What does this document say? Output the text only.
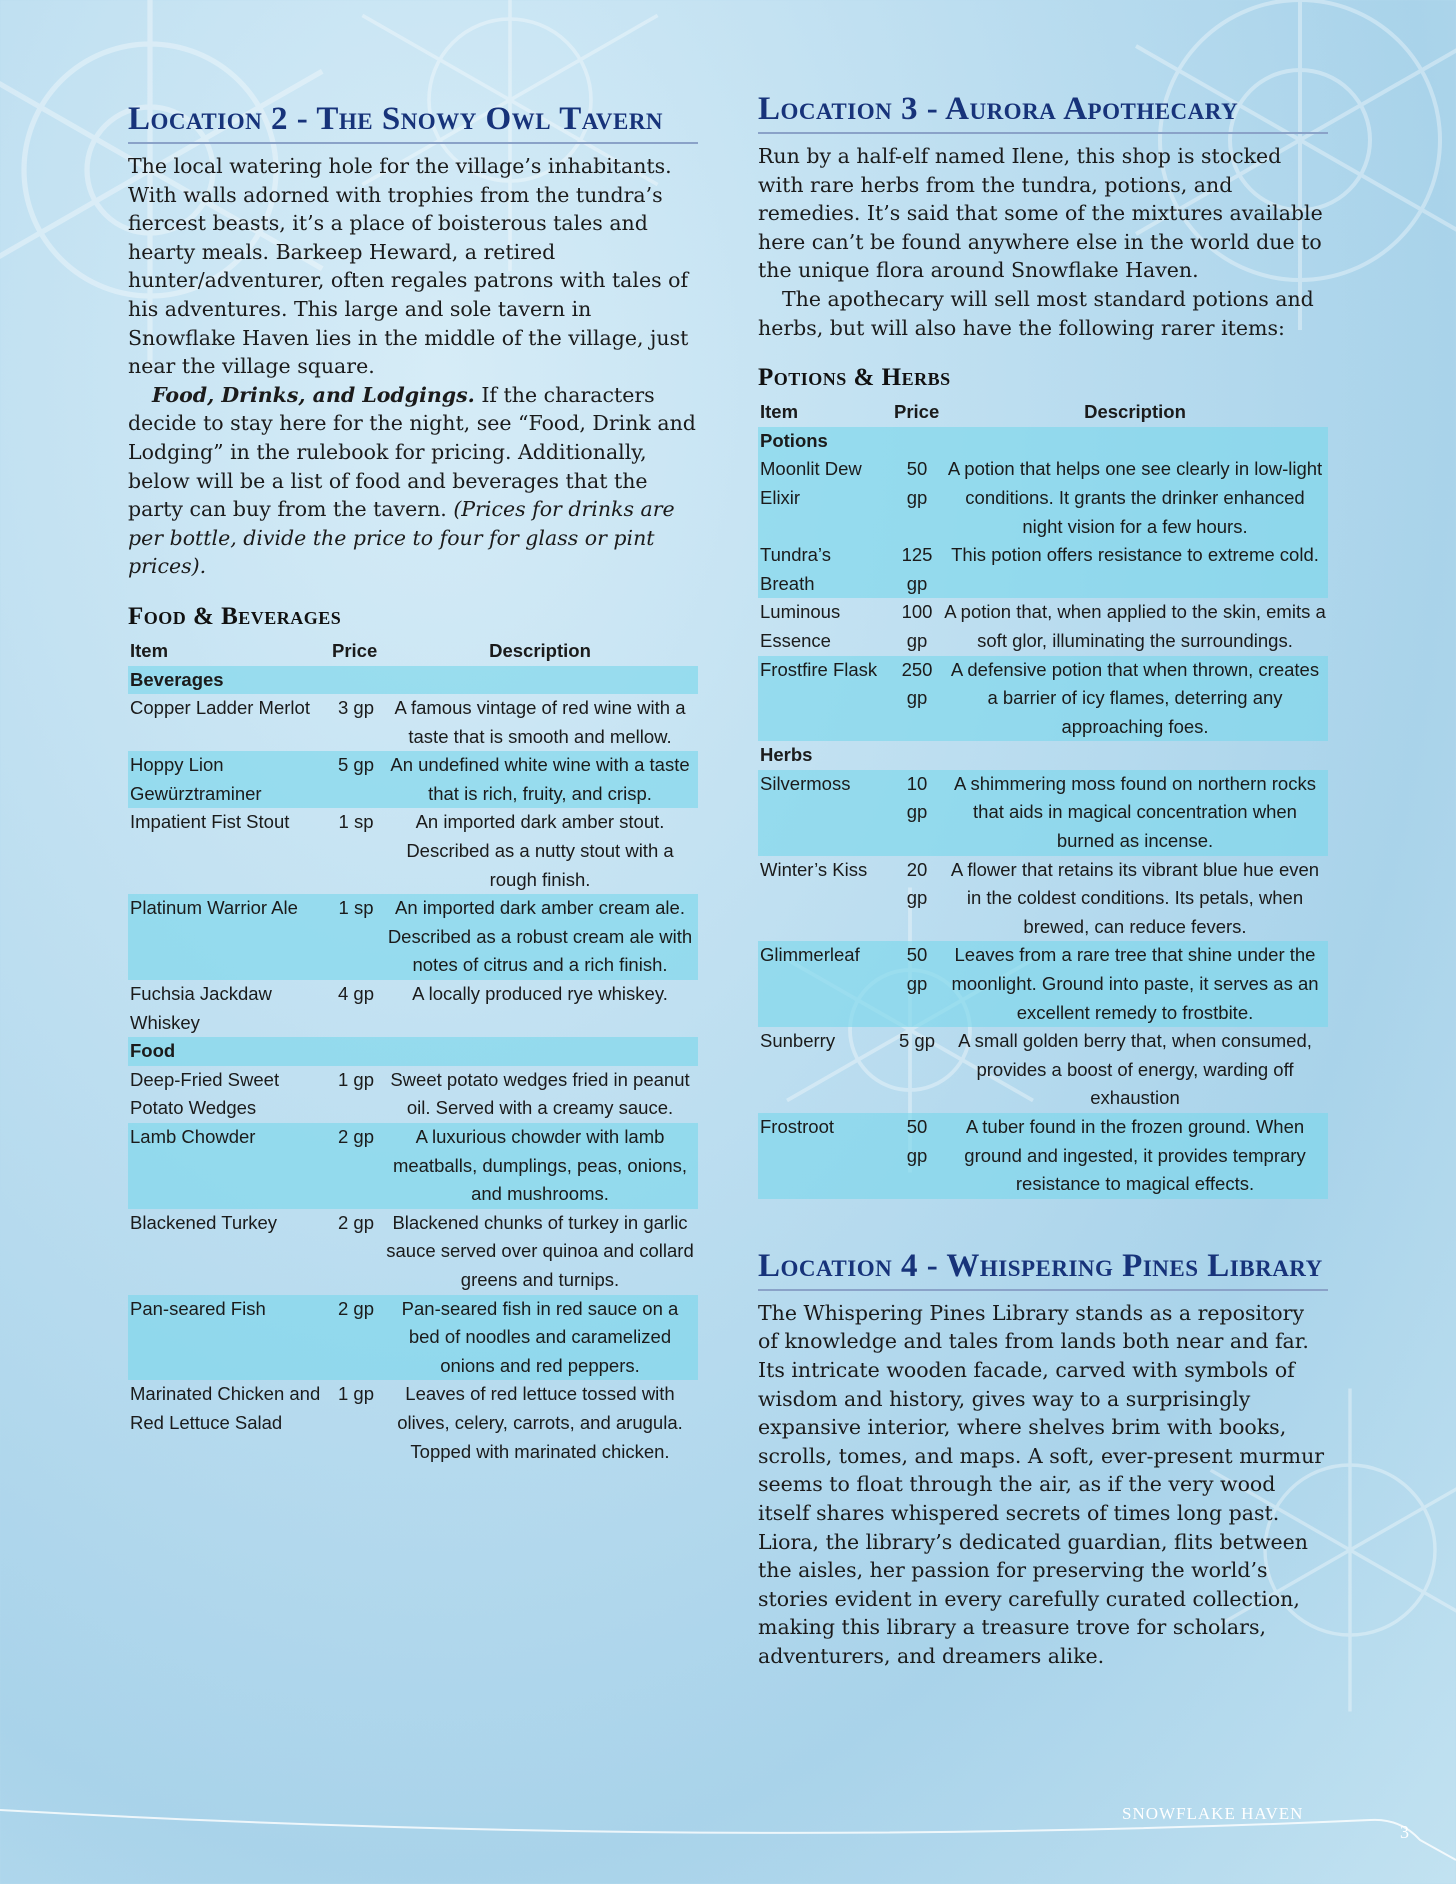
Location 2 - The Snowy Owl Tavern

The local watering hole for the village’s inhabitants. With walls adorned with trophies from the tundra’s fiercest beasts, it’s a place of boisterous tales and hearty meals. Barkeep Heward, a retired hunter/adventurer, often regales patrons with tales of his adventures. This large and sole tavern in Snowflake Haven lies in the middle of the village, just near the village square.

Food, Drinks, and Lodgings. If the characters decide to stay here for the night, see “Food, Drink and Lodging” in the rulebook for pricing. Additionally, below will be a list of food and beverages that the party can buy from the tavern. (Prices for drinks are per bottle, divide the price to four for glass or pint prices).

Food & Beverages
Item	Price	Description
Beverages		
Copper Ladder Merlot	3 gp	A famous vintage of red wine with a taste that is smooth and mellow.
Hoppy Lion Gewürztraminer	5 gp	An undefined white wine with a taste that is rich, fruity, and crisp.
Impatient Fist Stout	1 sp	An imported dark amber stout. Described as a nutty stout with a rough finish.
Platinum Warrior Ale	1 sp	An imported dark amber cream ale. Described as a robust cream ale with notes of citrus and a rich finish.
Fuchsia Jackdaw Whiskey	4 gp	A locally produced rye whiskey.
Food		
Deep-Fried Sweet Potato Wedges	1 gp	Sweet potato wedges fried in peanut oil. Served with a creamy sauce.
Lamb Chowder	2 gp	A luxurious chowder with lamb meatballs, dumplings, peas, onions, and mushrooms.
Blackened Turkey	2 gp	Blackened chunks of turkey in garlic sauce served over quinoa and collard greens and turnips.
Pan-seared Fish	2 gp	Pan-seared fish in red sauce on a bed of noodles and caramelized onions and red peppers.
Marinated Chicken and Red Lettuce Salad	1 gp	Leaves of red lettuce tossed with olives, celery, carrots, and arugula. Topped with marinated chicken.
Location 3 - Aurora Apothecary

Run by a half-elf named Ilene, this shop is stocked with rare herbs from the tundra, potions, and remedies. It’s said that some of the mixtures available here can’t be found anywhere else in the world due to the unique flora around Snowflake Haven.

The apothecary will sell most standard potions and herbs, but will also have the following rarer items:

Potions & Herbs
Item	Price	Description
Potions		
Moonlit Dew Elixir	50 gp	A potion that helps one see clearly in low-light conditions. It grants the drinker enhanced night vision for a few hours.
Tundra’s Breath	125 gp	This potion offers resistance to extreme cold.
Luminous Essence	100 gp	A potion that, when applied to the skin, emits a soft glor, illuminating the surroundings.
Frostfire Flask	250 gp	A defensive potion that when thrown, creates a barrier of icy flames, deterring any approaching foes.
Herbs		
Silvermoss	10 gp	A shimmering moss found on northern rocks that aids in magical concentration when burned as incense.
Winter’s Kiss	20 gp	A flower that retains its vibrant blue hue even in the coldest conditions. Its petals, when brewed, can reduce fevers.
Glimmerleaf	50 gp	Leaves from a rare tree that shine under the moonlight. Ground into paste, it serves as an excellent remedy to frostbite.
Sunberry	5 gp	A small golden berry that, when consumed, provides a boost of energy, warding off exhaustion
Frostroot	50 gp	A tuber found in the frozen ground. When ground and ingested, it provides temprary resistance to magical effects.
Location 4 - Whispering Pines Library

The Whispering Pines Library stands as a repository of knowledge and tales from lands both near and far. Its intricate wooden facade, carved with symbols of wisdom and history, gives way to a surprisingly expansive interior, where shelves brim with books, scrolls, tomes, and maps. A soft, ever-present murmur seems to float through the air, as if the very wood itself shares whispered secrets of times long past. Liora, the library’s dedicated guardian, flits between the aisles, her passion for preserving the world’s stories evident in every carefully curated collection, making this library a treasure trove for scholars, adventurers, and dreamers alike.

SNOWFLAKE HAVEN
3
